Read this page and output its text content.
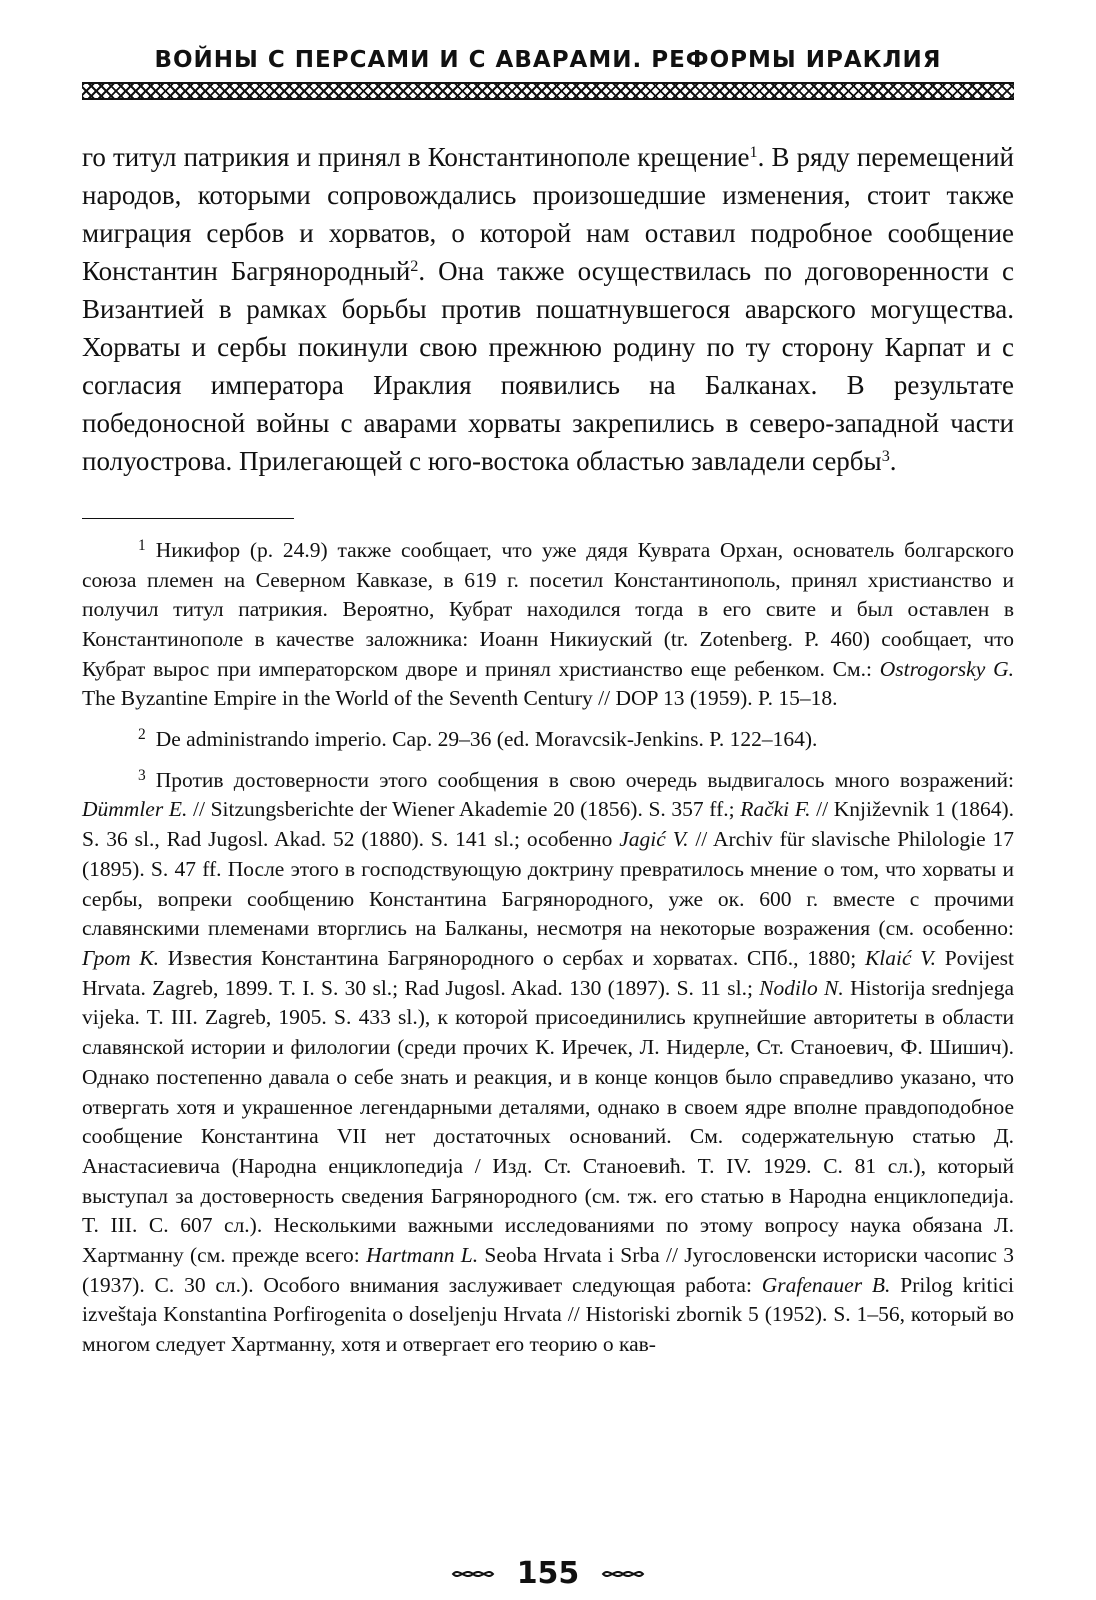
ВОЙНЫ С ПЕРСАМИ И С АВАРАМИ. РЕФОРМЫ ИРАКЛИЯ

го титул патрикия и принял в Константинополе крещение$^1$. В ряду перемещений народов, которыми сопровождались произошедшие изменения, стоит также миграция сербов и хорватов, о которой нам оставил подробное сообщение Константин Багрянородный$^2$. Она также осуществилась по договоренности с Византией в рамках борьбы против пошатнувшегося аварского могущества. Хорваты и сербы покинули свою прежнюю родину по ту сторону Карпат и с согласия императора Ираклия появились на Балканах. В результате победоносной войны с аварами хорваты закрепились в северо-западной части полуострова. Прилегающей с юго-востока областью завладели сербы$^3$.

$^1$ Никифор (p. 24.9) также сообщает, что уже дядя Куврата Орхан, основатель болгарского союза племен на Северном Кавказе, в 619 г. посетил Константинополь, принял христианство и получил титул патрикия. Вероятно, Кубрат находился тогда в его свите и был оставлен в Константинополе в качестве заложника: Иоанн Никиуский (tr. Zotenberg. P. 460) сообщает, что Кубрат вырос при императорском дворе и принял христианство еще ребенком. См.: Ostrogorsky G. The Byzantine Empire in the World of the Seventh Century // DOP 13 (1959). P. 15–18.

$^2$ De administrando imperio. Cap. 29–36 (ed. Moravcsik-Jenkins. P. 122–164).

$^3$ Против достоверности этого сообщения в свою очередь выдвигалось много возражений: Dümmler E. // Sitzungsberichte der Wiener Akademie 20 (1856). S. 357 ff.; Rački F. // Književnik 1 (1864). S. 36 sl., Rad Jugosl. Akad. 52 (1880). S. 141 sl.; особенно Jagić V. // Archiv für slavische Philologie 17 (1895). S. 47 ff. После этого в господствующую доктрину превратилось мнение о том, что хорваты и сербы, вопреки сообщению Константина Багрянородного, уже ок. 600 г. вместе с прочими славянскими племенами вторглись на Балканы, несмотря на некоторые возражения (см. особенно: Грот К. Известия Константина Багрянородного о сербах и хорватах. СПб., 1880; Klaić V. Povijest Hrvata. Zagreb, 1899. T. I. S. 30 sl.; Rad Jugosl. Akad. 130 (1897). S. 11 sl.; Nodilo N. Historija srednjega vijeka. T. III. Zagreb, 1905. S. 433 sl.), к которой присоединились крупнейшие авторитеты в области славянской истории и филологии (среди прочих К. Иречек, Л. Нидерле, Ст. Станоевич, Ф. Шишич). Однако постепенно давала о себе знать и реакция, и в конце концов было справедливо указано, что отвергать хотя и украшенное легендарными деталями, однако в своем ядре вполне правдоподобное сообщение Константина VII нет достаточных оснований. См. содержательную статью Д. Анастасиевича (Народна енциклопедиjа / Изд. Ст. Станоевић. T. IV. 1929. С. 81 сл.), который выступал за достоверность сведения Багрянородного (см. тж. его статью в Народна енциклопедиjа. T. III. С. 607 сл.). Несколькими важными исследованиями по этому вопросу наука обязана Л. Хартманну (см. прежде всего: Hartmann L. Seoba Hrvata i Srba // Југословенски историски часопис 3 (1937). С. 30 сл.). Особого внимания заслуживает следующая работа: Grafenauer B. Prilog kritici izveštaja Konstantina Porfirogenita o doseljenju Hrvata // Historiski zbornik 5 (1952). S. 1–56, который во многом следует Хартманну, хотя и отвергает его теорию о кав-

155
